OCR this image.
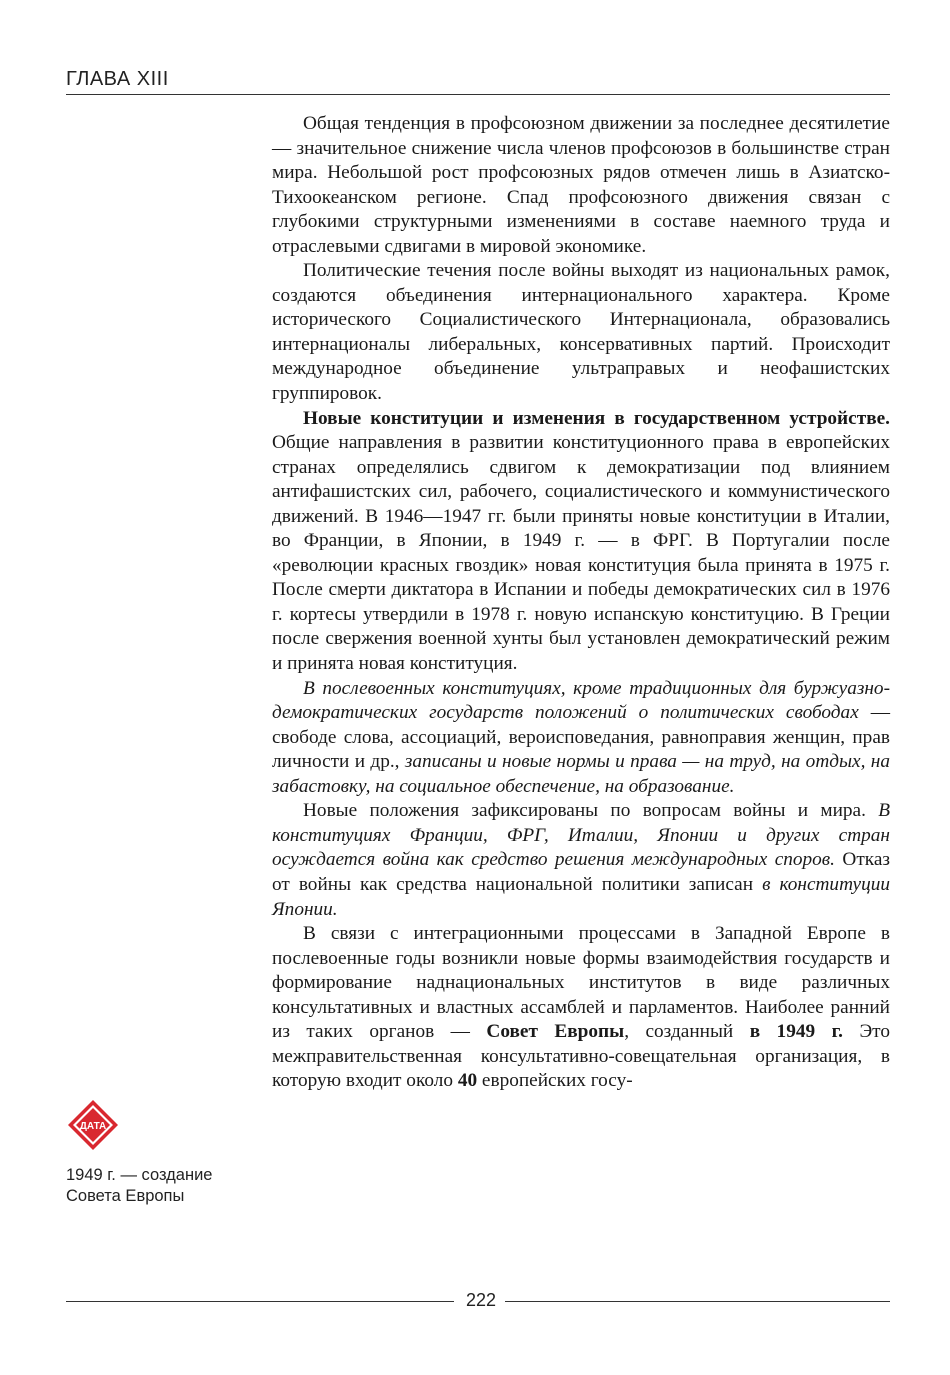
ГЛАВА XIII

Общая тенденция в профсоюзном движении за последнее десятилетие — значительное снижение числа членов профсоюзов в большинстве стран мира. Небольшой рост профсоюзных рядов отмечен лишь в Азиатско-Тихоокеанском регионе. Спад профсоюзного движения связан с глубокими структурными изменениями в составе наемного труда и отраслевыми сдвигами в мировой экономике.

Политические течения после войны выходят из национальных рамок, создаются объединения интернационального характера. Кроме исторического Социалистического Интернационала, образовались интернационалы либеральных, консервативных партий. Происходит международное объединение ультраправых и неофашистских группировок.

Новые конституции и изменения в государственном устройстве. Общие направления в развитии конституционного права в европейских странах определялись сдвигом к демократизации под влиянием антифашистских сил, рабочего, социалистического и коммунистического движений. В 1946—1947 гг. были приняты новые конституции в Италии, во Франции, в Японии, в 1949 г. — в ФРГ. В Португалии после «революции красных гвоздик» новая конституция была принята в 1975 г. После смерти диктатора в Испании и победы демократических сил в 1976 г. кортесы утвердили в 1978 г. новую испанскую конституцию. В Греции после свержения военной хунты был установлен демократический режим и принята новая конституция.

В послевоенных конституциях, кроме традиционных для буржуазно-демократических государств положений о политических свободах — свободе слова, ассоциаций, вероисповедания, равноправия женщин, прав личности и др., записаны и новые нормы и права — на труд, на отдых, на забастовку, на социальное обеспечение, на образование.

Новые положения зафиксированы по вопросам войны и мира. В конституциях Франции, ФРГ, Италии, Японии и других стран осуждается война как средство решения международных споров. Отказ от войны как средства национальной политики записан в конституции Японии.

В связи с интеграционными процессами в Западной Европе в послевоенные годы возникли новые формы взаимодействия государств и формирование наднациональных институтов в виде различных консультативных и властных ассамблей и парламентов. Наиболее ранний из таких органов — Совет Европы, созданный в 1949 г. Это межправительственная консультативно-совещательная организация, в которую входит около 40 европейских госу-

ДАТА
1949 г. — создание
Совета Европы
222
